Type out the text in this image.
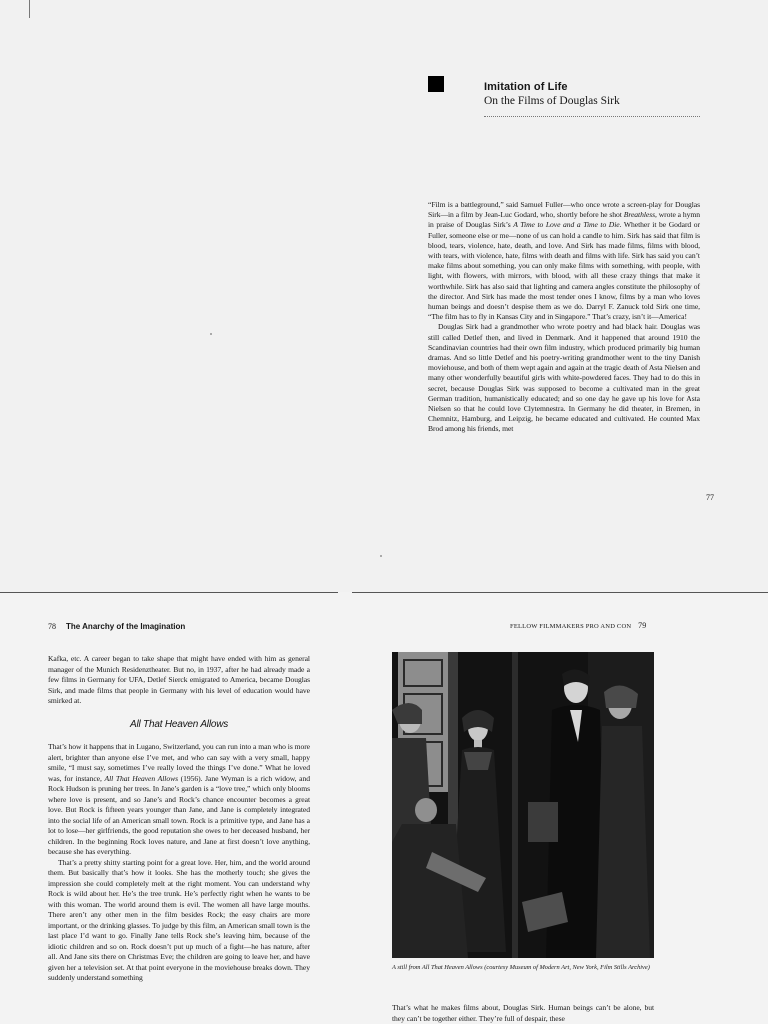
Imitation of Life
On the Films of Douglas Sirk

“Film is a battleground,” said Samuel Fuller—who once wrote a screen-play for Douglas Sirk—in a film by Jean-Luc Godard, who, shortly before he shot Breathless, wrote a hymn in praise of Douglas Sirk’s A Time to Love and a Time to Die. Whether it be Godard or Fuller, someone else or me—none of us can hold a candle to him. Sirk has said that film is blood, tears, violence, hate, death, and love. And Sirk has made films, films with blood, with tears, with violence, hate, films with death and films with life. Sirk has said you can’t make films about something, you can only make films with something, with people, with light, with flowers, with mirrors, with blood, with all these crazy things that make it worthwhile. Sirk has also said that lighting and camera angles constitute the philosophy of the director. And Sirk has made the most tender ones I know, films by a man who loves human beings and doesn’t despise them as we do. Darryl F. Zanuck told Sirk one time, “The film has to fly in Kansas City and in Singapore.” That’s crazy, isn’t it—America!

Douglas Sirk had a grandmother who wrote poetry and had black hair. Douglas was still called Detlef then, and lived in Denmark. And it happened that around 1910 the Scandinavian countries had their own film industry, which produced primarily big human dramas. And so little Detlef and his poetry-writing grandmother went to the tiny Danish moviehouse, and both of them wept again and again at the tragic death of Asta Nielsen and many other wonderfully beautiful girls with white-powdered faces. They had to do this in secret, because Douglas Sirk was supposed to become a cultivated man in the great German tradition, humanistically educated; and so one day he gave up his love for Asta Nielsen so that he could love Clytemnestra. In Germany he did theater, in Bremen, in Chemnitz, Hamburg, and Leipzig, he became educated and cultivated. He counted Max Brod among his friends, met

77
78 The Anarchy of the Imagination

Kafka, etc. A career began to take shape that might have ended with him as general manager of the Munich Residenztheater. But no, in 1937, after he had already made a few films in Germany for UFA, Detlef Sierck emigrated to America, became Douglas Sirk, and made films that people in Germany with his level of education would have smirked at.

All That Heaven Allows

That’s how it happens that in Lugano, Switzerland, you can run into a man who is more alert, brighter than anyone else I’ve met, and who can say with a very small, happy smile, “I must say, sometimes I’ve really loved the things I’ve done.” What he loved was, for instance, All That Heaven Allows (1956). Jane Wyman is a rich widow, and Rock Hudson is pruning her trees. In Jane’s garden is a “love tree,” which only blooms where love is present, and so Jane’s and Rock’s chance encounter becomes a great love. But Rock is fifteen years younger than Jane, and Jane is completely integrated into the social life of an American small town. Rock is a primitive type, and Jane has a lot to lose—her girlfriends, the good reputation she owes to her deceased husband, her children. In the beginning Rock loves nature, and Jane at first doesn’t love anything, because she has everything.

That’s a pretty shitty starting point for a great love. Her, him, and the world around them. But basically that’s how it looks. She has the motherly touch; she gives the impression she could completely melt at the right moment. You can understand why Rock is wild about her. He’s the tree trunk. He’s perfectly right when he wants to be with this woman. The world around them is evil. The women all have large mouths. There aren’t any other men in the film besides Rock; the easy chairs are more important, or the drinking glasses. To judge by this film, an American small town is the last place I’d want to go. Finally Jane tells Rock she’s leaving him, because of the idiotic children and so on. Rock doesn’t put up much of a fight—he has nature, after all. And Jane sits there on Christmas Eve; the children are going to leave her, and have given her a television set. At that point everyone in the moviehouse breaks down. They suddenly understand something

FELLOW FILMMAKERS PRO AND CON 79
A still from All That Heaven Allows (courtesy Museum of Modern Art, New York, Film Stills Archive)

That’s what he makes films about, Douglas Sirk. Human beings can’t be alone, but they can’t be together either. They’re full of despair, these
